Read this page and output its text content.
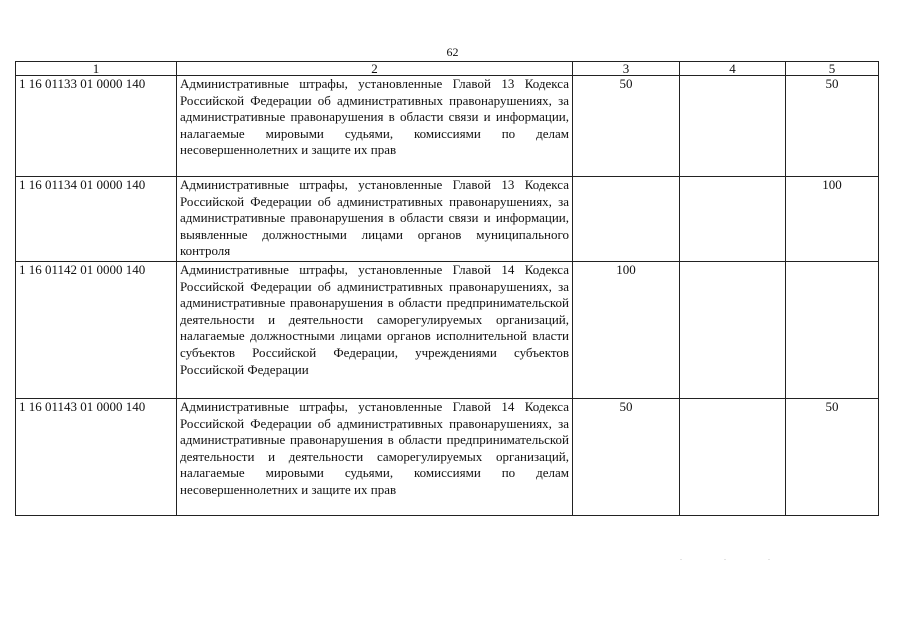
62
1	2	3	4	5
1 16 01133 01 0000 140	Административные штрафы, установленные Главой 13 Кодекса Российской Федерации об административных правонарушениях, за административные правонарушения в области связи и информации, налагаемые мировыми судьями, комиссиями по делам несовершеннолетних и защите их прав	50		50
1 16 01134 01 0000 140	Административные штрафы, установленные Главой 13 Кодекса Российской Федерации об административных правонарушениях, за административные правонарушения в области связи и информации, выявленные должностными лицами органов муниципального контроля			100
1 16 01142 01 0000 140	Административные штрафы, установленные Главой 14 Кодекса Российской Федерации об административных правонарушениях, за административные правонарушения в области предпринимательской деятельности и деятельности саморегулируемых организаций, налагаемые должностными лицами органов исполнительной власти субъектов Российской Федерации, учреждениями субъектов Российской Федерации	100		
1 16 01143 01 0000 140	Административные штрафы, установленные Главой 14 Кодекса Российской Федерации об административных правонарушениях, за административные правонарушения в области предпринимательской деятельности и деятельности саморегулируемых организаций, налагаемые мировыми судьями, комиссиями по делам несовершеннолетних и защите их прав	50		50
. . .
